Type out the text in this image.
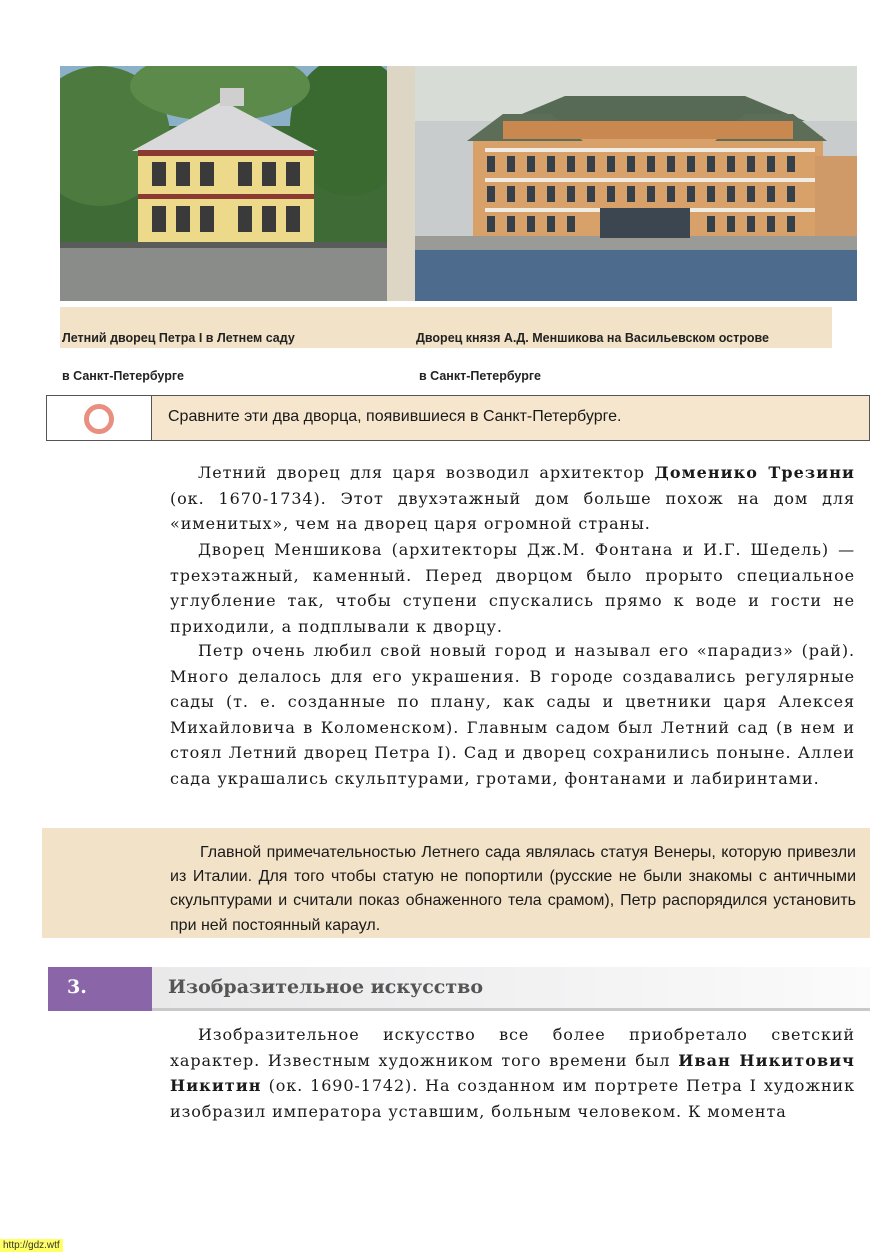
Летний дворец Петра I в Летнем саду

в Санкт-Петербурге

Дворец князя А.Д. Меншикова на Васильевском острове

в Санкт-Петербурге

Сравните эти два дворца, появившиеся в Санкт-Петербурге.

Летний дворец для царя возводил архитектор Доменико Трезини (ок. 1670-1734). Этот двухэтажный дом больше похож на дом для «именитых», чем на дворец царя огромной страны.

Дворец Меншикова (архитекторы Дж.М. Фонтана и И.Г. Шедель) — трехэтажный, каменный. Перед дворцом было прорыто специальное углубление так, чтобы ступени спускались прямо к воде и гости не приходили, а подплывали к дворцу.

Петр очень любил свой новый город и называл его «парадиз» (рай). Много делалось для его украшения. В городе создавались регулярные сады (т. е. созданные по плану, как сады и цветники царя Алексея Михайловича в Коломенском). Главным садом был Летний сад (в нем и стоял Летний дворец Петра I). Сад и дворец сохранились поныне. Аллеи сада украшались скульптурами, гротами, фонтанами и лабиринтами.

Главной примечательностью Летнего сада являлась статуя Венеры, которую привезли из Италии. Для того чтобы статую не попортили (русские не были знакомы с античными скульптурами и считали показ обнаженного тела срамом), Петр распорядился установить при ней постоянный караул.

3.	Изобразительное искусство

Изобразительное искусство все более приобретало светский характер. Известным художником того времени был Иван Никитович Никитин (ок. 1690-1742). На созданном им портрете Петра I художник изобразил императора уставшим, больным человеком. К момента

http://gdz.wtf
